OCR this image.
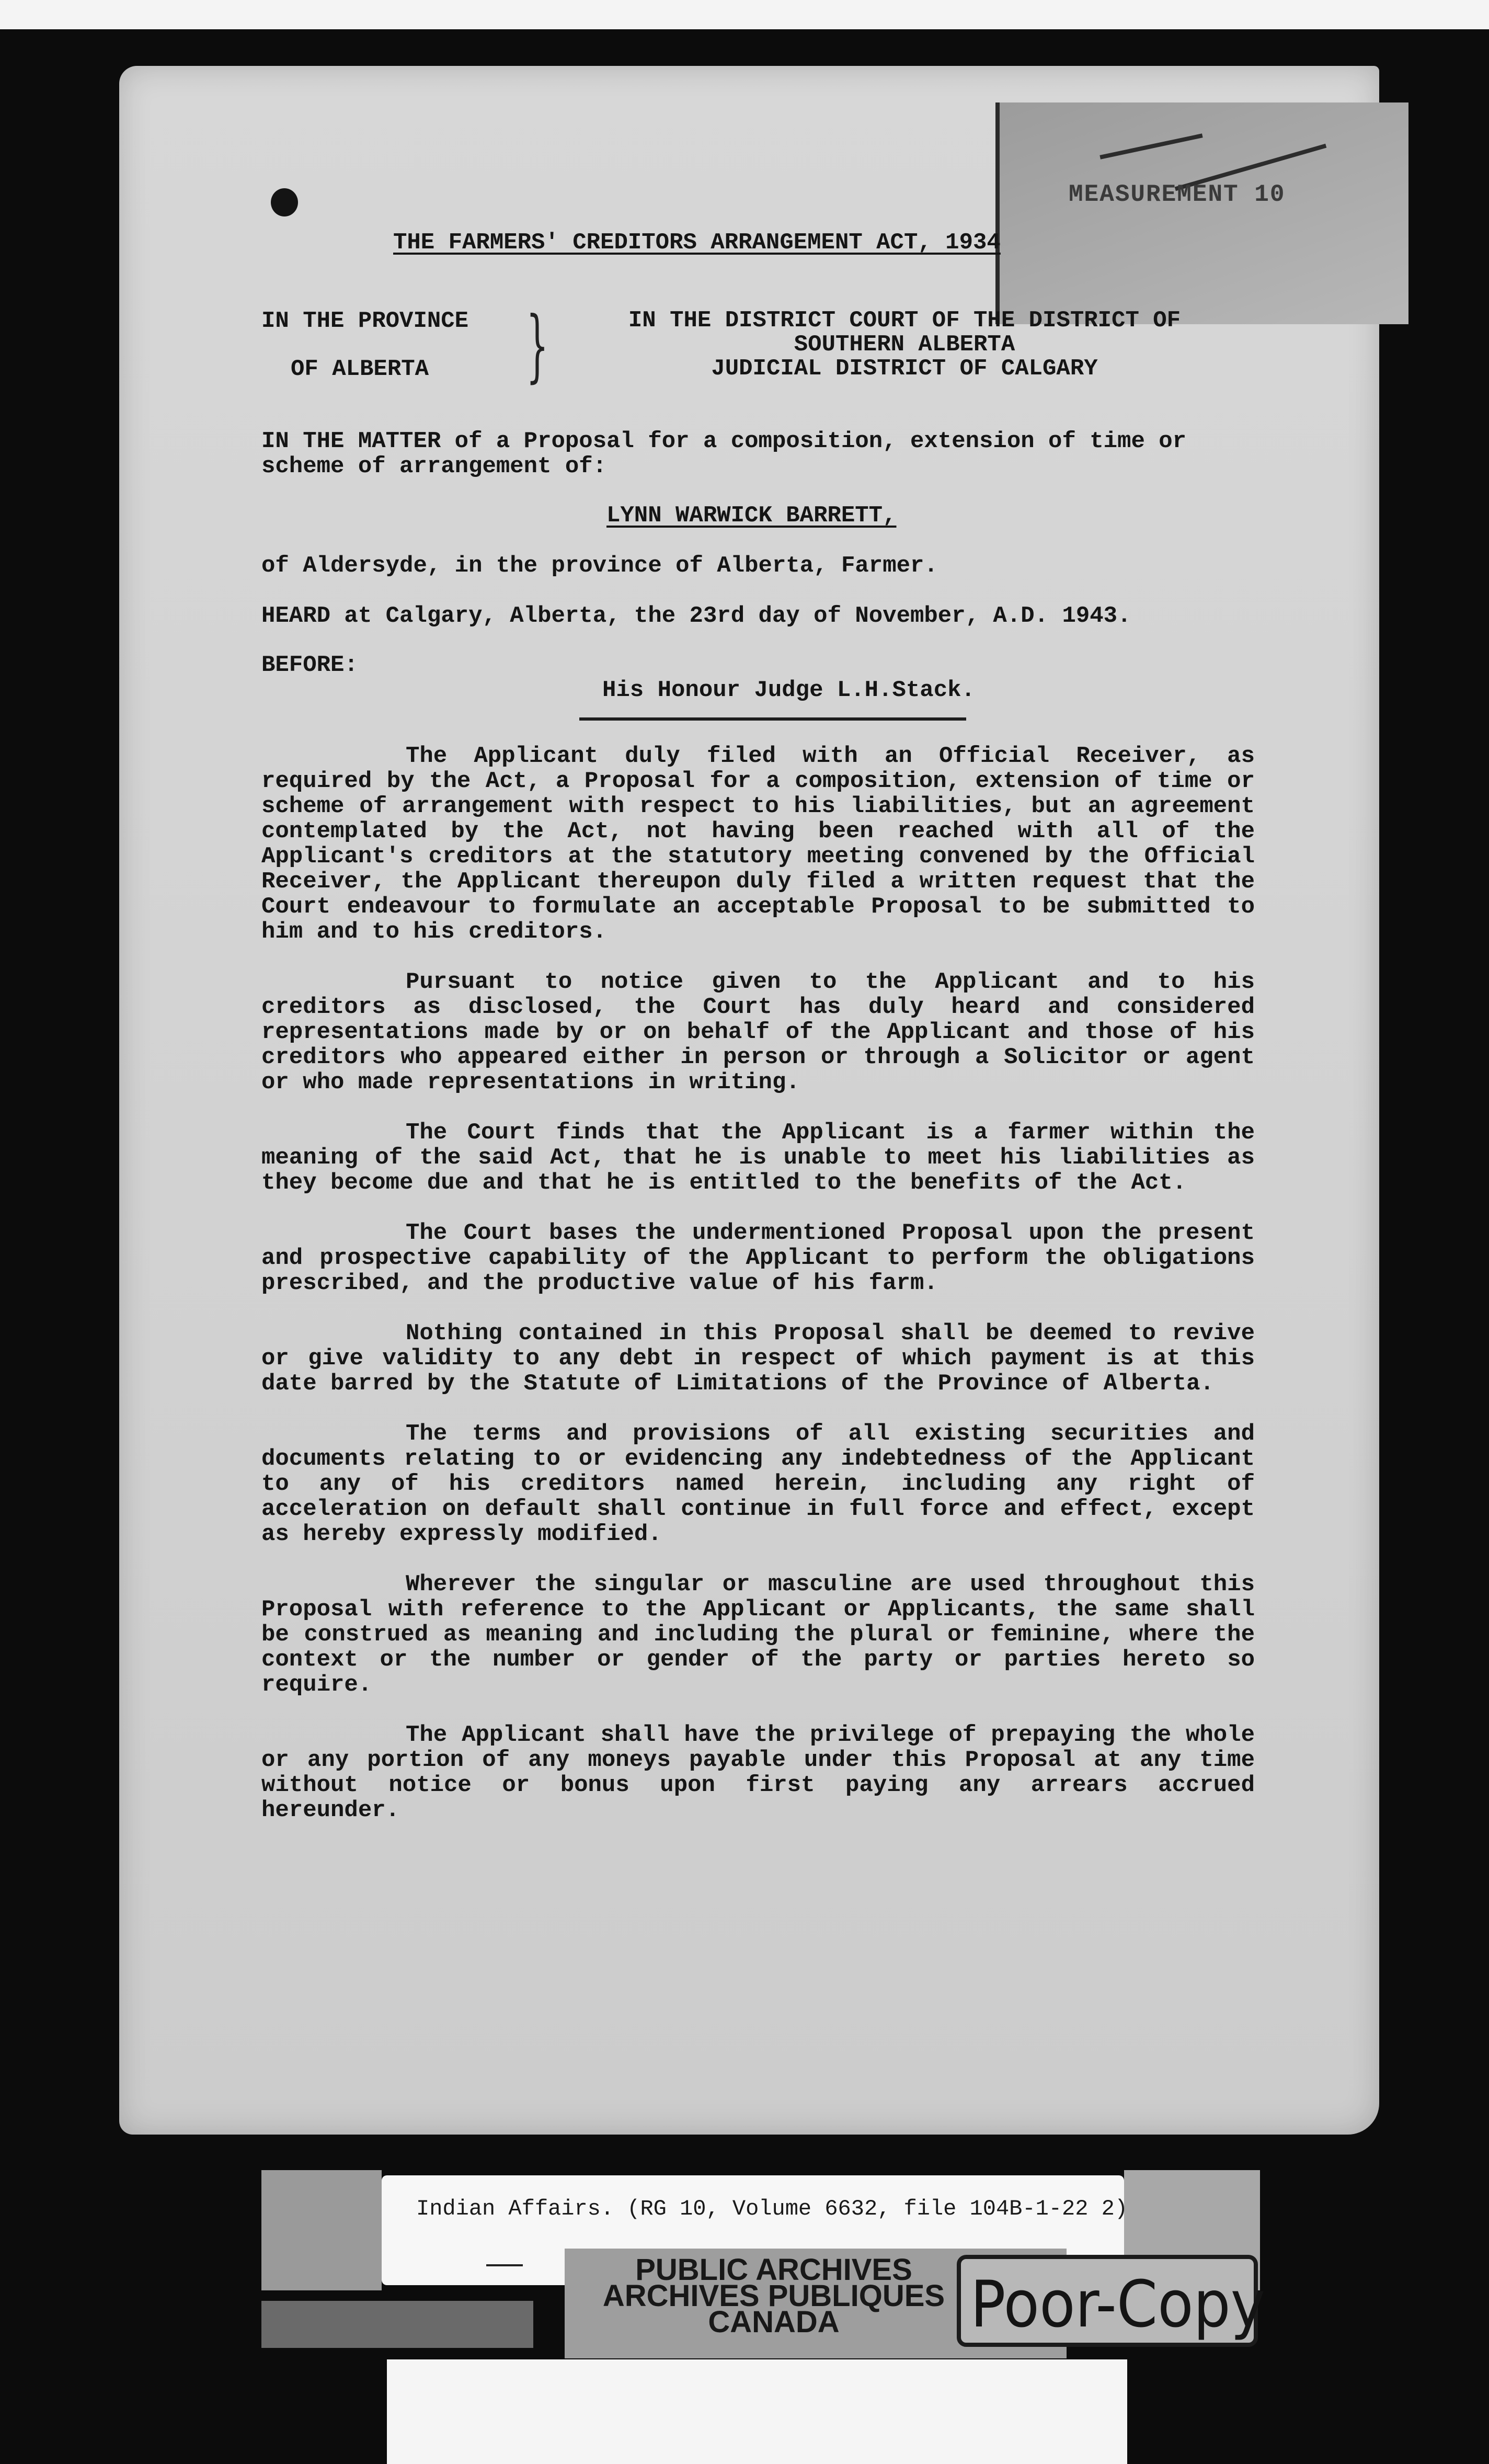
MEASUREMENT 10
THE FARMERS' CREDITORS ARRANGEMENT ACT, 1934
IN THE PROVINCE
OF ALBERTA	}	IN THE DISTRICT COURT OF THE DISTRICT OF
SOUTHERN ALBERTA
JUDICIAL DISTRICT OF CALGARY
IN THE MATTER of a Proposal for a composition, extension of time or scheme of arrangement of:
LYNN WARWICK BARRETT,
of Aldersyde, in the province of Alberta, Farmer.
HEARD at Calgary, Alberta, the 23rd day of November, A.D. 1943.
BEFORE:
His Honour Judge L.H.Stack.

The Applicant duly filed with an Official Receiver, as required by the Act, a Proposal for a composition, extension of time or scheme of arrangement with respect to his liabilities, but an agreement contemplated by the Act, not having been reached with all of the Applicant's creditors at the statutory meeting convened by the Official Receiver, the Applicant thereupon duly filed a written request that the Court endeavour to formulate an acceptable Proposal to be submitted to him and to his creditors.

Pursuant to notice given to the Applicant and to his creditors as disclosed, the Court has duly heard and considered representations made by or on behalf of the Applicant and those of his creditors who appeared either in person or through a Solicitor or agent or who made representations in writing.

The Court finds that the Applicant is a farmer within the meaning of the said Act, that he is unable to meet his liabilities as they become due and that he is entitled to the benefits of the Act.

The Court bases the undermentioned Proposal upon the present and prospective capability of the Applicant to perform the obligations prescribed, and the productive value of his farm.

Nothing contained in this Proposal shall be deemed to revive or give validity to any debt in respect of which payment is at this date barred by the Statute of Limitations of the Province of Alberta.

The terms and provisions of all existing securities and documents relating to or evidencing any indebtedness of the Applicant to any of his creditors named herein, including any right of acceleration on default shall continue in full force and effect, except as hereby expressly modified.

Wherever the singular or masculine are used throughout this Proposal with reference to the Applicant or Applicants, the same shall be construed as meaning and including the plural or feminine, where the context or the number or gender of the party or parties hereto so require.

The Applicant shall have the privilege of prepaying the whole or any portion of any moneys payable under this Proposal at any time without notice or bonus upon first paying any arrears accrued hereunder.

Indian Affairs. (RG 10, Volume 6632, file 104B-1-22 2)
PUBLIC ARCHIVES
ARCHIVES PUBLIQUES
CANADA	Poor-Copy
